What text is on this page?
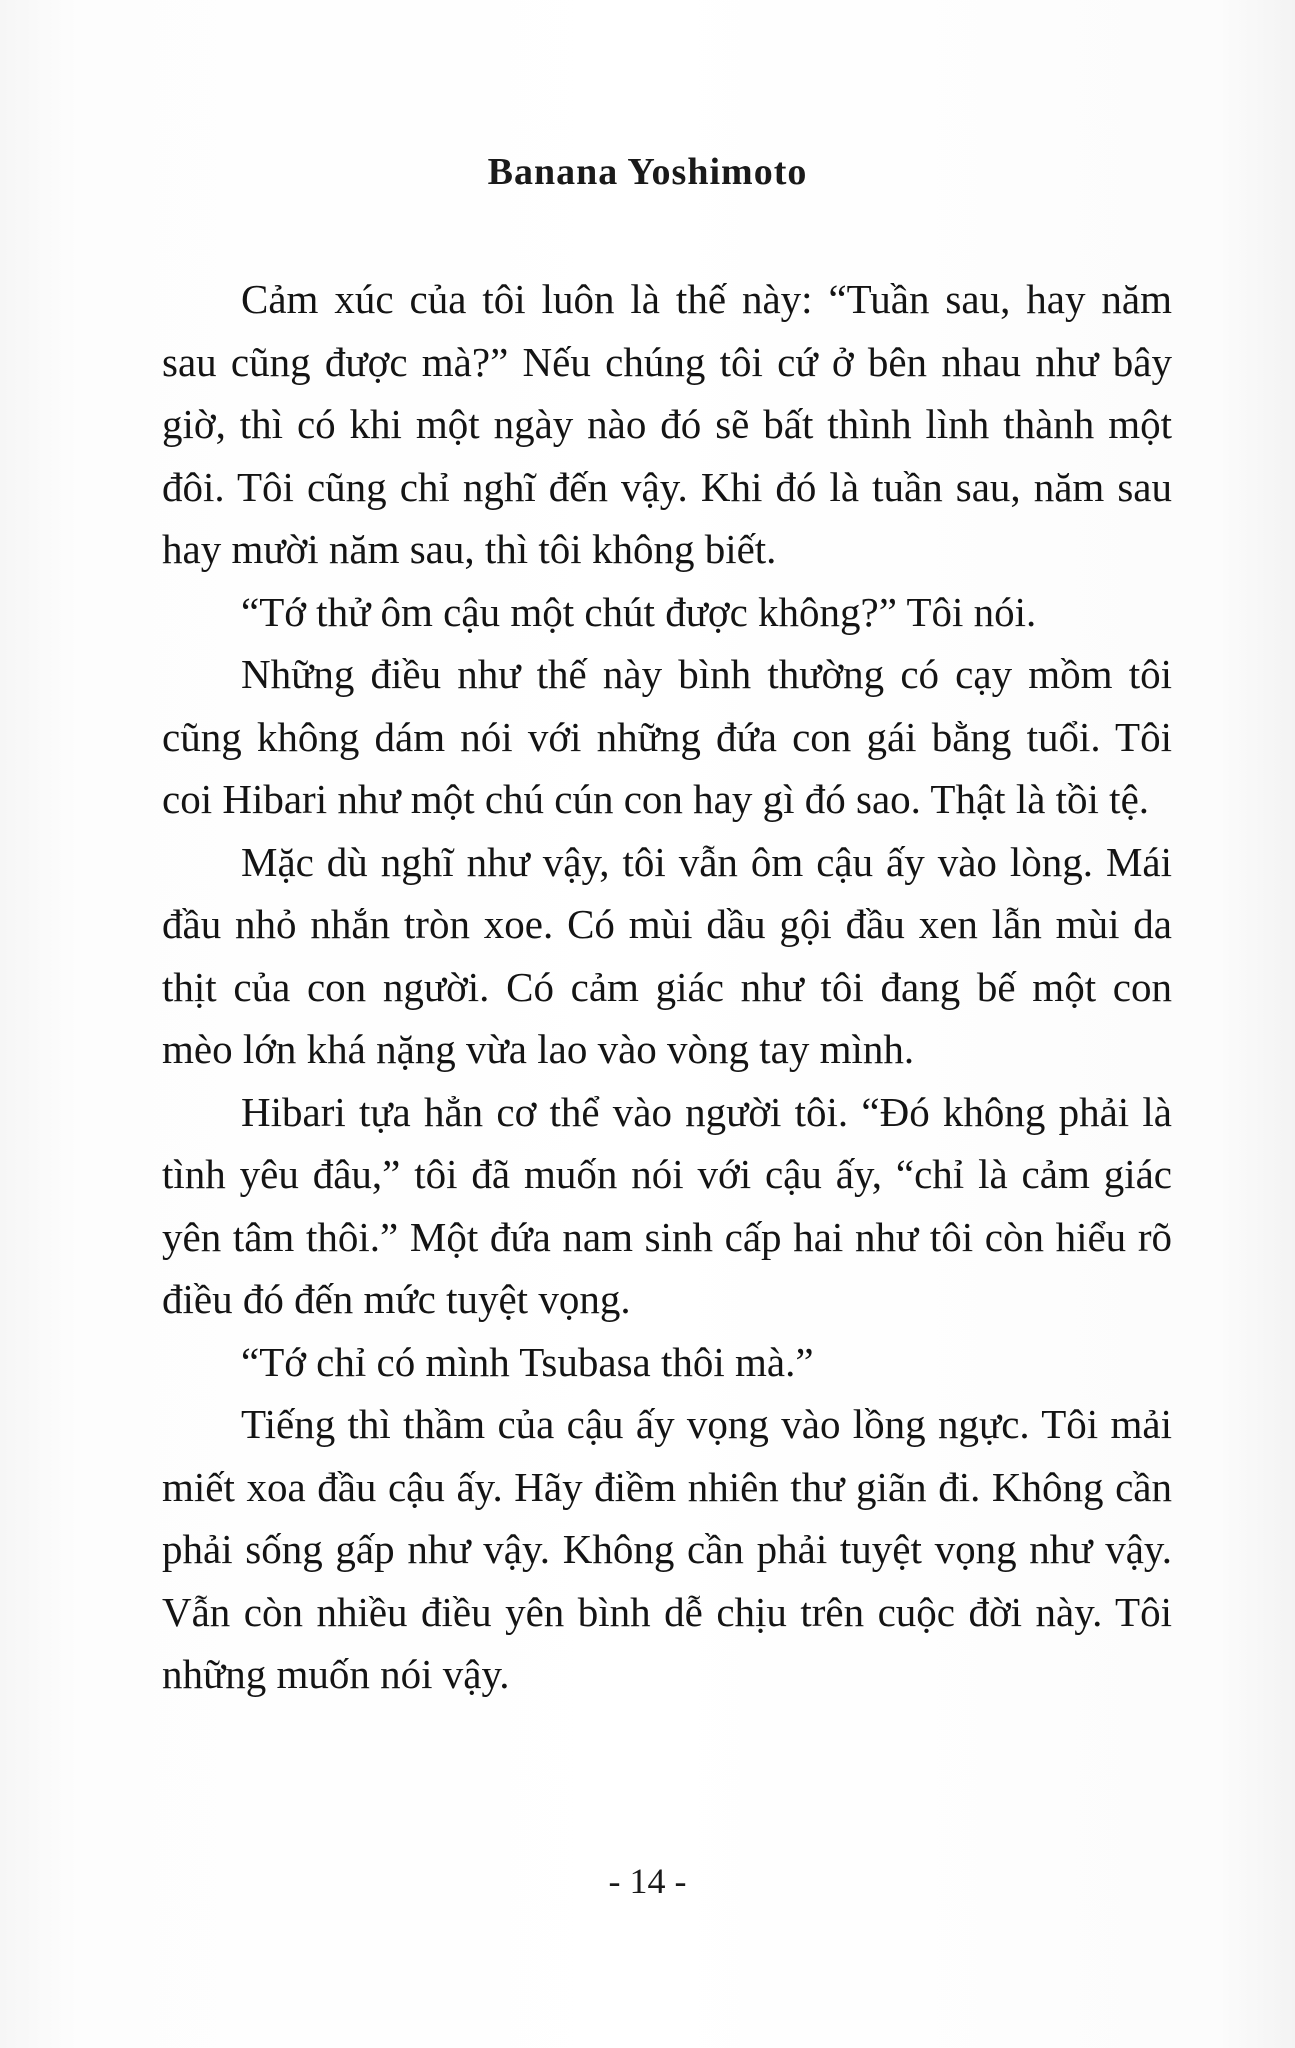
Banana Yoshimoto

Cảm xúc của tôi luôn là thế này: “Tuần sau, hay năm sau cũng được mà?” Nếu chúng tôi cứ ở bên nhau như bây giờ, thì có khi một ngày nào đó sẽ bất thình lình thành một đôi. Tôi cũng chỉ nghĩ đến vậy. Khi đó là tuần sau, năm sau hay mười năm sau, thì tôi không biết.

“Tớ thử ôm cậu một chút được không?” Tôi nói.

Những điều như thế này bình thường có cạy mồm tôi cũng không dám nói với những đứa con gái bằng tuổi. Tôi coi Hibari như một chú cún con hay gì đó sao. Thật là tồi tệ.

Mặc dù nghĩ như vậy, tôi vẫn ôm cậu ấy vào lòng. Mái đầu nhỏ nhắn tròn xoe. Có mùi dầu gội đầu xen lẫn mùi da thịt của con người. Có cảm giác như tôi đang bế một con mèo lớn khá nặng vừa lao vào vòng tay mình.

Hibari tựa hẳn cơ thể vào người tôi. “Đó không phải là tình yêu đâu,” tôi đã muốn nói với cậu ấy, “chỉ là cảm giác yên tâm thôi.” Một đứa nam sinh cấp hai như tôi còn hiểu rõ điều đó đến mức tuyệt vọng.

“Tớ chỉ có mình Tsubasa thôi mà.”

Tiếng thì thầm của cậu ấy vọng vào lồng ngực. Tôi mải miết xoa đầu cậu ấy. Hãy điềm nhiên thư giãn đi. Không cần phải sống gấp như vậy. Không cần phải tuyệt vọng như vậy. Vẫn còn nhiều điều yên bình dễ chịu trên cuộc đời này. Tôi những muốn nói vậy.

- 14 -
